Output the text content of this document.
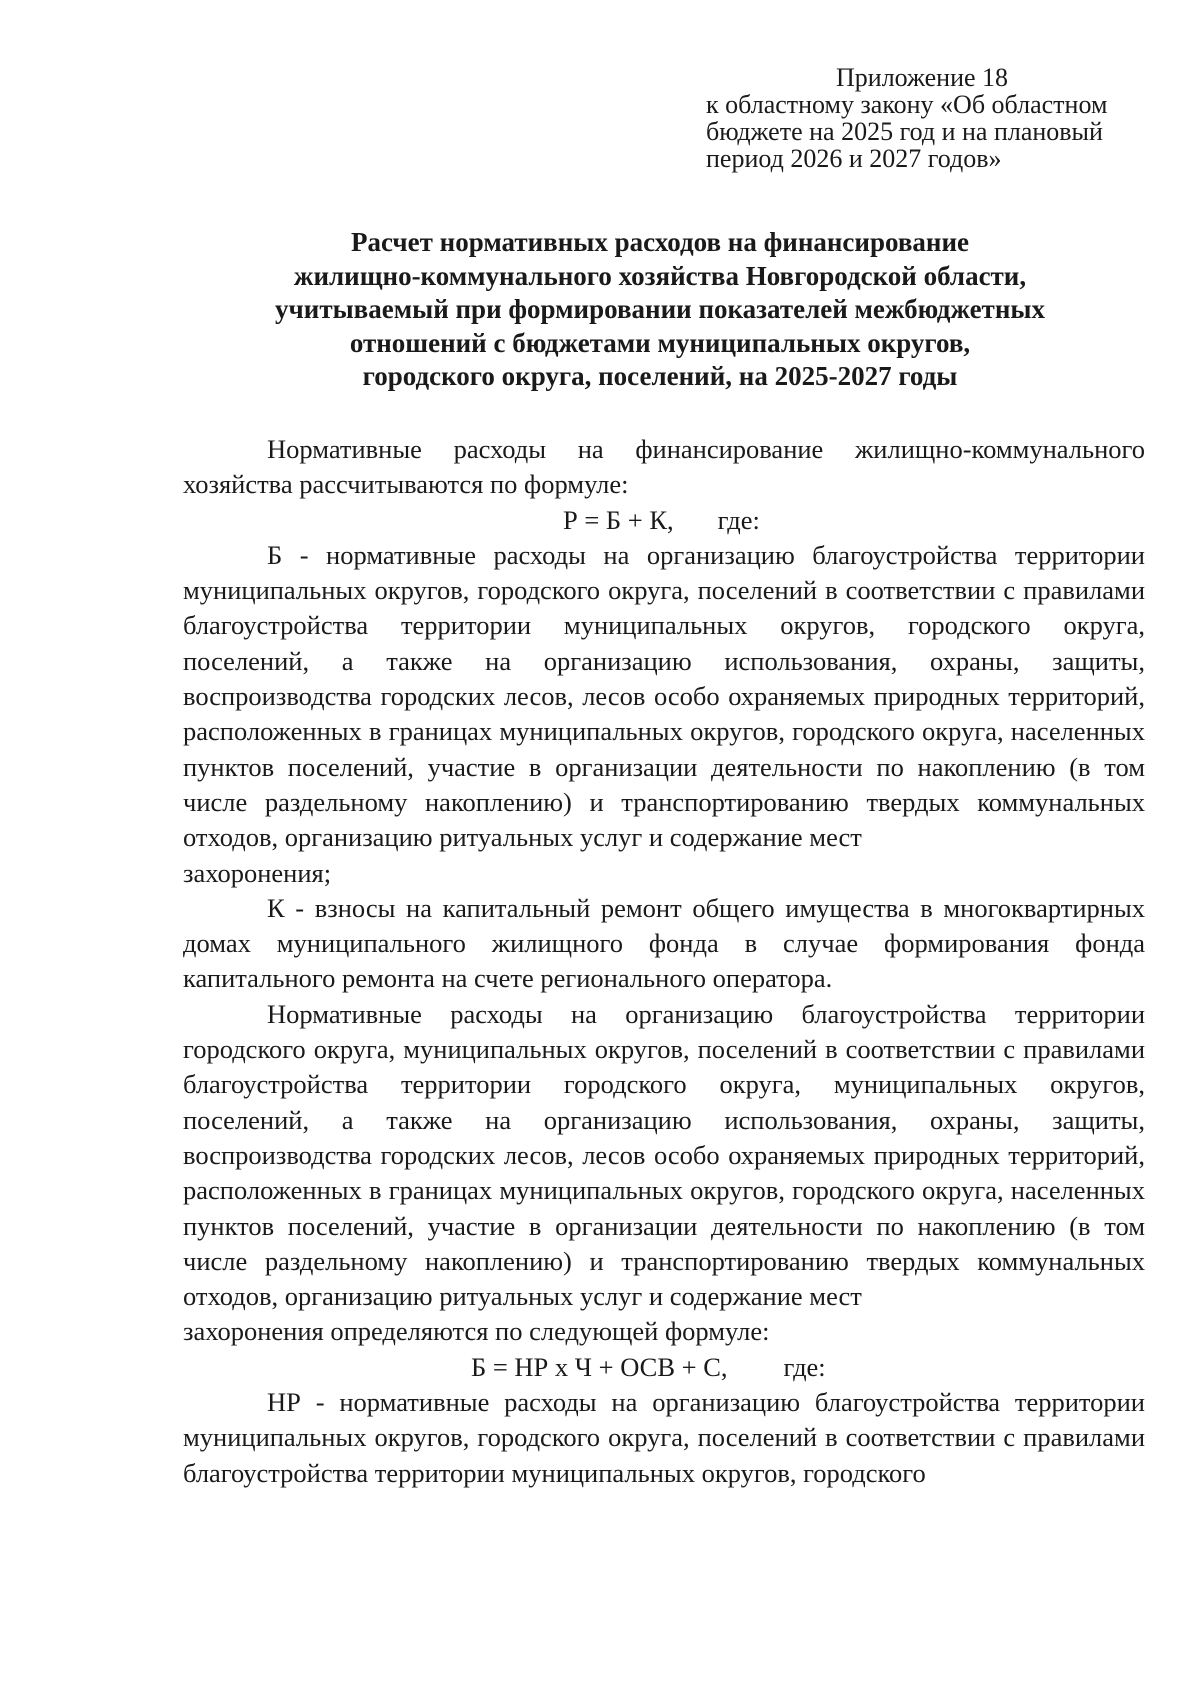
Приложение 18
к областному закону «Об областном
бюджете на 2025 год и на плановый
период 2026 и 2027 годов»
Расчет нормативных расходов на финансирование
жилищно-коммунального хозяйства Новгородской области,
учитываемый при формировании показателей межбюджетных
отношений с бюджетами муниципальных округов,
городского округа, поселений, на 2025-2027 годы

Нормативные расходы на финансирование жилищно-коммунального хозяйства рассчитываются по формуле:

Р = Б + К, где:

Б - нормативные расходы на организацию благоустройства территории муниципальных округов, городского округа, поселений в соответствии с правилами благоустройства территории муниципальных округов, городского округа, поселений, а также на организацию использования, охраны, защиты, воспроизводства городских лесов, лесов особо охраняемых природных территорий, расположенных в границах муниципальных округов, городского округа, населенных пунктов поселений, участие в организации деятельности по накоплению (в том числе раздельному накоплению) и транспортированию твердых коммунальных отходов, организацию ритуальных услуг и содержание мест

захоронения;

К - взносы на капитальный ремонт общего имущества в многоквартирных домах муниципального жилищного фонда в случае формирования фонда капитального ремонта на счете регионального оператора.

Нормативные расходы на организацию благоустройства территории городского округа, муниципальных округов, поселений в соответствии с правилами благоустройства территории городского округа, муниципальных округов, поселений, а также на организацию использования, охраны, защиты, воспроизводства городских лесов, лесов особо охраняемых природных территорий, расположенных в границах муниципальных округов, городского округа, населенных пунктов поселений, участие в организации деятельности по накоплению (в том числе раздельному накоплению) и транспортированию твердых коммунальных отходов, организацию ритуальных услуг и содержание мест

захоронения определяются по следующей формуле:

Б = НР х Ч + ОСВ + С, где:

НР - нормативные расходы на организацию благоустройства территории муниципальных округов, городского округа, поселений в соответствии с правилами благоустройства территории муниципальных округов, городского
